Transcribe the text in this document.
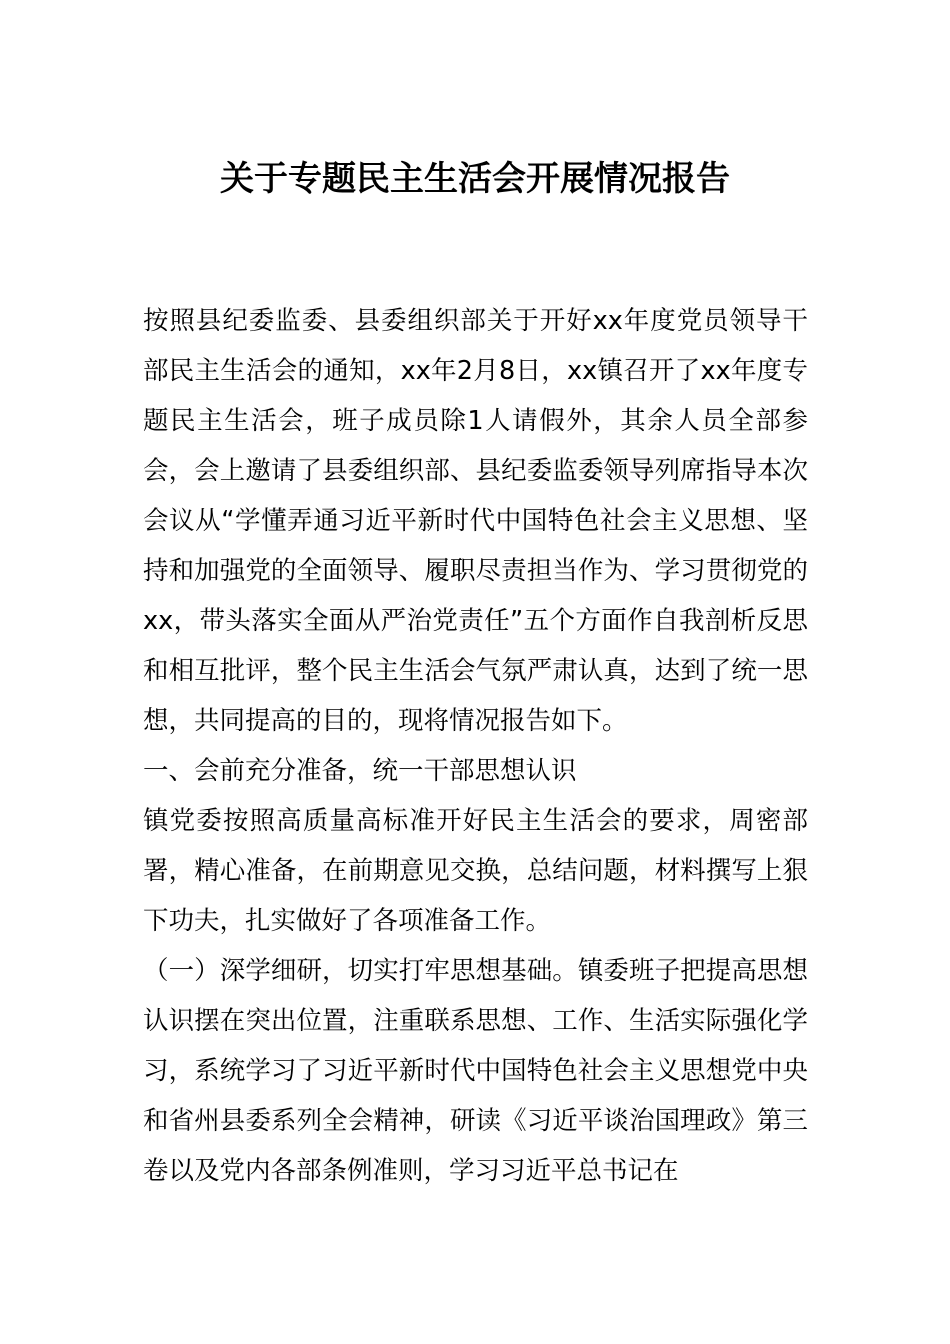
关于专题民主生活会开展情况报告

按照县纪委监委、县委组织部关于开好xx年度党员领导干部民主生活会的通知，xx年2月8日，xx镇召开了xx年度专题民主生活会，班子成员除1人请假外，其余人员全部参会，会上邀请了县委组织部、县纪委监委领导列席指导本次会议从“学懂弄通习近平新时代中国特色社会主义思想、坚持和加强党的全面领导、履职尽责担当作为、学习贯彻党的xx，带头落实全面从严治党责任”五个方面作自我剖析反思和相互批评，整个民主生活会气氛严肃认真，达到了统一思想，共同提高的目的，现将情况报告如下。

一、会前充分准备，统一干部思想认识

镇党委按照高质量高标准开好民主生活会的要求，周密部署，精心准备，在前期意见交换，总结问题，材料撰写上狠下功夫，扎实做好了各项准备工作。

（一）深学细研，切实打牢思想基础。镇委班子把提高思想认识摆在突出位置，注重联系思想、工作、生活实际强化学习，系统学习了习近平新时代中国特色社会主义思想党中央和省州县委系列全会精神，研读《习近平谈治国理政》第三卷以及党内各部条例准则，学习习近平总书记在
